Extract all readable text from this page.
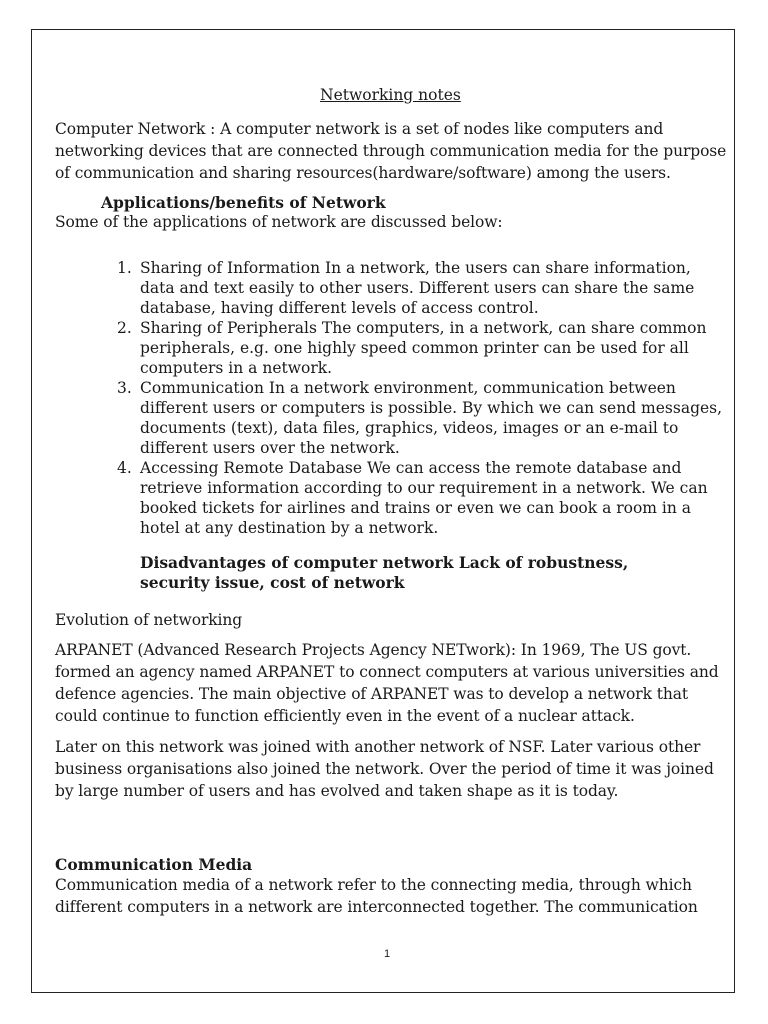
Networking notes

Computer Network : A computer network is a set of nodes like computers and networking devices that are connected through communication media for the purpose of communication and sharing resources(hardware/software) among the users.

Applications/benefits of Network

Some of the applications of network are discussed below:

1. Sharing of Information In a network, the users can share information, data and text easily to other users. Different users can share the same database, having different levels of access control.
2. Sharing of Peripherals The computers, in a network, can share common peripherals, e.g. one highly speed common printer can be used for all computers in a network.
3. Communication In a network environment, communication between different users or computers is possible. By which we can send messages, documents (text), data files, graphics, videos, images or an e-mail to different users over the network.
4. Accessing Remote Database We can access the remote database and retrieve information according to our requirement in a network. We can booked tickets for airlines and trains or even we can book a room in a hotel at any destination by a network.

Disadvantages of computer network Lack of robustness, security issue, cost of network

Evolution of networking

ARPANET (Advanced Research Projects Agency NETwork): In 1969, The US govt. formed an agency named ARPANET to connect computers at various universities and defence agencies. The main objective of ARPANET was to develop a network that could continue to function efficiently even in the event of a nuclear attack.

Later on this network was joined with another network of NSF. Later various other business organisations also joined the network. Over the period of time it was joined by large number of users and has evolved and taken shape as it is today.

Communication Media

Communication media of a network refer to the connecting media, through which different computers in a network are interconnected together. The communication

1
